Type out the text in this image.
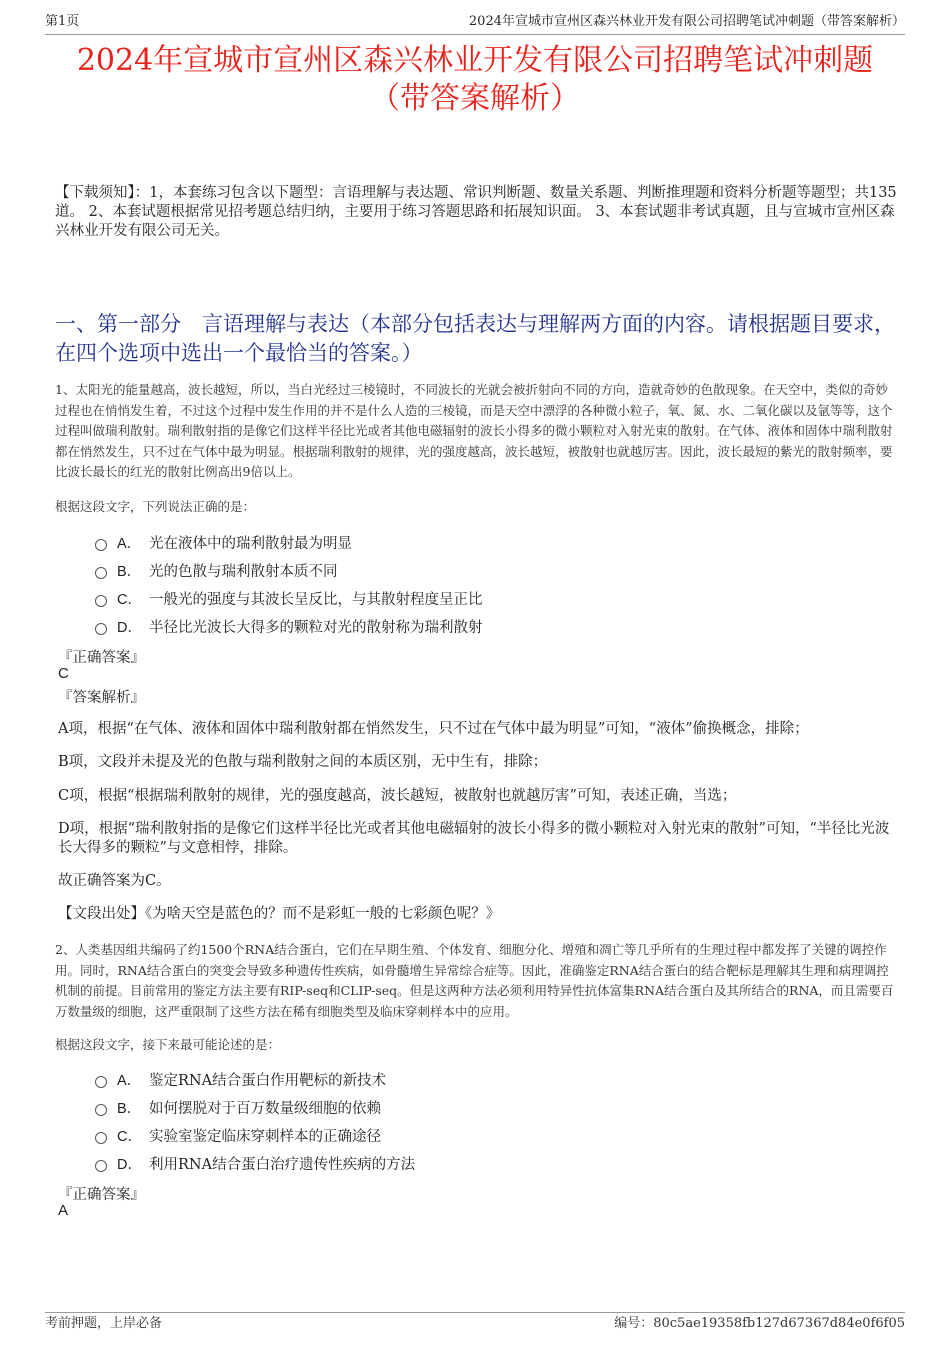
第1页	2024年宣城市宣州区森兴林业开发有限公司招聘笔试冲刺题（带答案解析）
2024年宣城市宣州区森兴林业开发有限公司招聘笔试冲刺题
（带答案解析）
【下载须知】：1，本套练习包含以下题型：言语理解与表达题、常识判断题、数量关系题、判断推理题和资料分析题等题型；共135道。 2、本套试题根据常见招考题总结归纳，主要用于练习答题思路和拓展知识面。 3、本套试题非考试真题，且与宣城市宣州区森兴林业开发有限公司无关。
一、第一部分　言语理解与表达（本部分包括表达与理解两方面的内容。请根据题目要求，在四个选项中选出一个最恰当的答案。）
1、太阳光的能量越高，波长越短，所以，当白光经过三棱镜时，不同波长的光就会被折射向不同的方向，造就奇妙的色散现象。在天空中，类似的奇妙过程也在悄悄发生着，不过这个过程中发生作用的并不是什么人造的三棱镜，而是天空中漂浮的各种微小粒子，氧、氮、水、二氧化碳以及氩等等，这个过程叫做瑞利散射。瑞利散射指的是像它们这样半径比光或者其他电磁辐射的波长小得多的微小颗粒对入射光束的散射。在气体、液体和固体中瑞利散射都在悄然发生，只不过在气体中最为明显。根据瑞利散射的规律，光的强度越高，波长越短，被散射也就越厉害。因此，波长最短的紫光的散射频率，要比波长最长的红光的散射比例高出9倍以上。
根据这段文字，下列说法正确的是：
A． 光在液体中的瑞利散射最为明显
B． 光的色散与瑞利散射本质不同
C． 一般光的强度与其波长呈反比，与其散射程度呈正比
D． 半径比光波长大得多的颗粒对光的散射称为瑞利散射
『正确答案』
C
『答案解析』
A项，根据“在气体、液体和固体中瑞利散射都在悄然发生，只不过在气体中最为明显”可知，“液体”偷换概念，排除；
B项，文段并未提及光的色散与瑞利散射之间的本质区别，无中生有，排除；
C项，根据“根据瑞利散射的规律，光的强度越高，波长越短，被散射也就越厉害”可知，表述正确，当选；
D项，根据“瑞利散射指的是像它们这样半径比光或者其他电磁辐射的波长小得多的微小颗粒对入射光束的散射”可知，“半径比光波长大得多的颗粒”与文意相悖，排除。
故正确答案为C。
【文段出处】《为啥天空是蓝色的？而不是彩虹一般的七彩颜色呢？》
2、人类基因组共编码了约1500个RNA结合蛋白，它们在早期生殖、个体发育、细胞分化、增殖和凋亡等几乎所有的生理过程中都发挥了关键的调控作用。同时，RNA结合蛋白的突变会导致多种遗传性疾病，如骨髓增生异常综合症等。因此，准确鉴定RNA结合蛋白的结合靶标是理解其生理和病理调控机制的前提。目前常用的鉴定方法主要有RIP-seq和CLIP-seq。但是这两种方法必须利用特异性抗体富集RNA结合蛋白及其所结合的RNA，而且需要百万数量级的细胞，这严重限制了这些方法在稀有细胞类型及临床穿刺样本中的应用。
根据这段文字，接下来最可能论述的是：
A． 鉴定RNA结合蛋白作用靶标的新技术
B． 如何摆脱对于百万数量级细胞的依赖
C． 实验室鉴定临床穿刺样本的正确途径
D． 利用RNA结合蛋白治疗遗传性疾病的方法
『正确答案』
A
考前押题，上岸必备	编号：80c5ae19358fb127d67367d84e0f6f05
